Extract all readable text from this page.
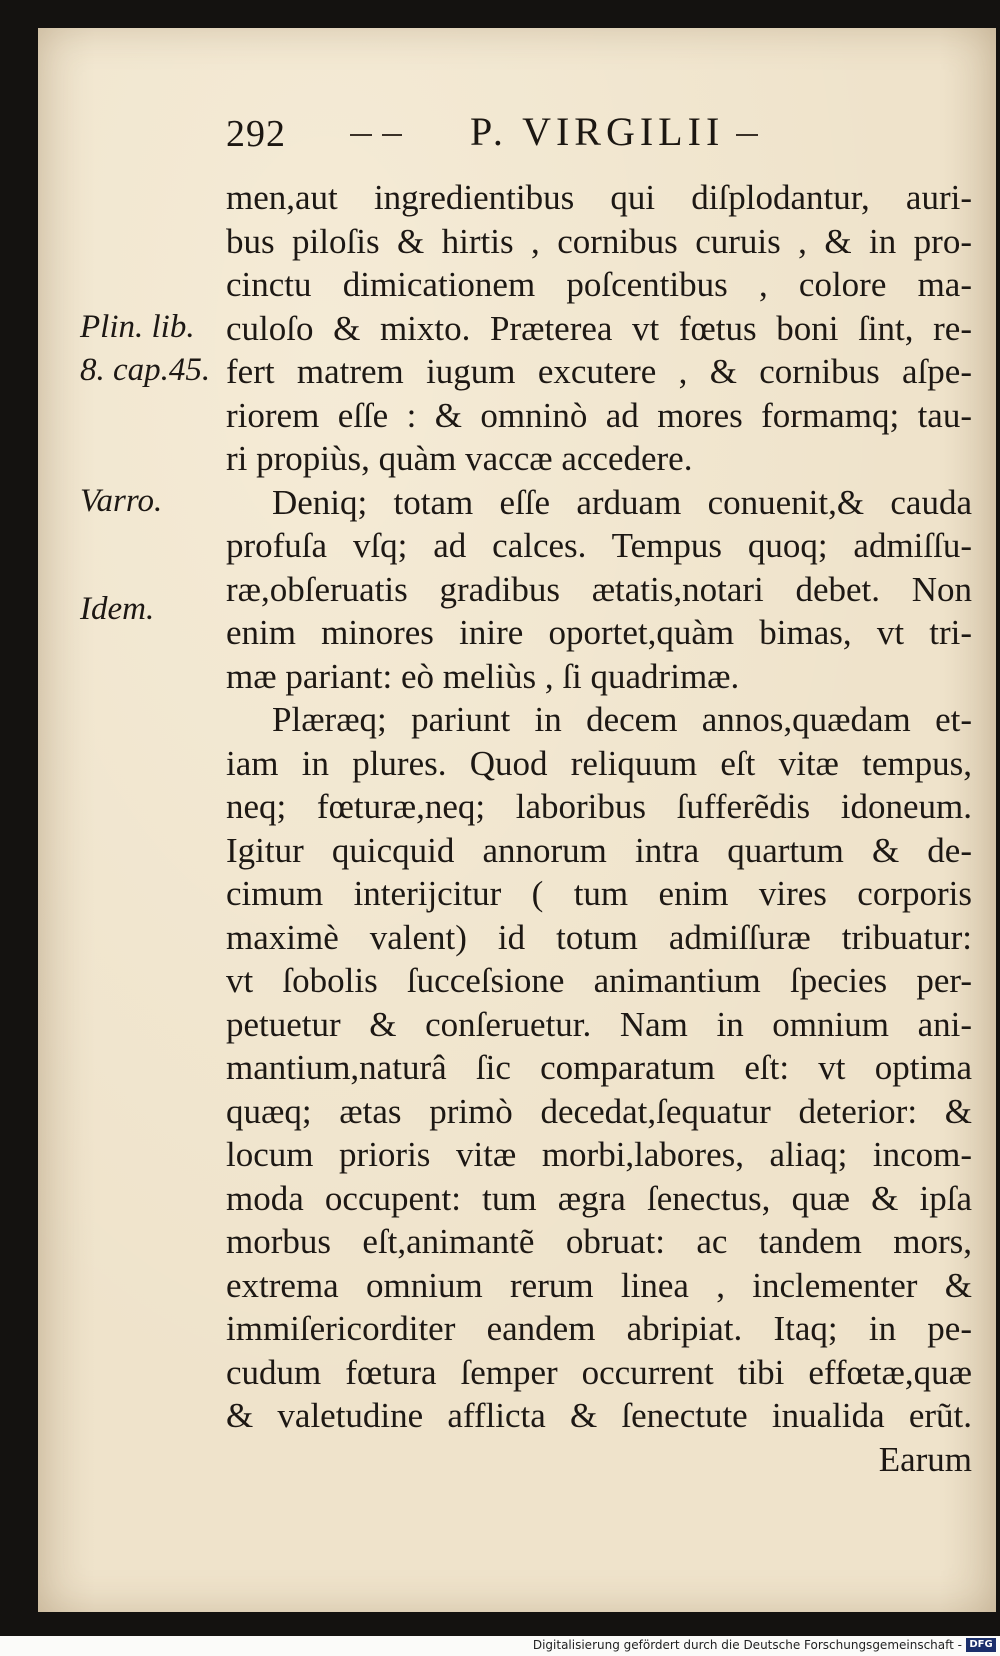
292	P. VIRGILII
Plin. lib.
8. cap.45.
Varro.
Idem.
men,aut ingredientibus qui diſplodantur, auri-
bus piloſis & hirtis , cornibus curuis , & in pro-
cinctu dimicationem poſcentibus , colore ma-
culoſo & mixto. Præterea vt fœtus boni ſint, re-
fert matrem iugum excutere , & cornibus aſpe-
riorem eſſe : & omninò ad mores formamq; tau-
ri propiùs, quàm vaccæ accedere.
Deniq; totam eſſe arduam conuenit,& cauda
profuſa vſq; ad calces. Tempus quoq; admiſſu-
ræ,obſeruatis gradibus ætatis,notari debet. Non
enim minores inire oportet,quàm bimas, vt tri-
mæ pariant: eò meliùs , ſi quadrimæ.
Plæræq; pariunt in decem annos,quædam et-
iam in plures. Quod reliquum eſt vitæ tempus,
neq; fœturæ,neq; laboribus ſufferẽdis idoneum.
Igitur quicquid annorum intra quartum & de-
cimum interijcitur ( tum enim vires corporis
maximè valent) id totum admiſſuræ tribuatur:
vt ſobolis ſucceſsione animantium ſpecies per-
petuetur & conſeruetur. Nam in omnium ani-
mantium,naturâ ſic comparatum eſt: vt optima
quæq; ætas primò decedat,ſequatur deterior: &
locum prioris vitæ morbi,labores, aliaq; incom-
moda occupent: tum ægra ſenectus, quæ & ipſa
morbus eſt,animantẽ obruat: ac tandem mors,
extrema omnium rerum linea , inclementer &
immiſericorditer eandem abripiat. Itaq; in pe-
cudum fœtura ſemper occurrent tibi effœtæ,quæ
& valetudine afflicta & ſenectute inualida erũt.
Earum
Digitalisierung gefördert durch die Deutsche Forschungsgemeinschaft - DFG
